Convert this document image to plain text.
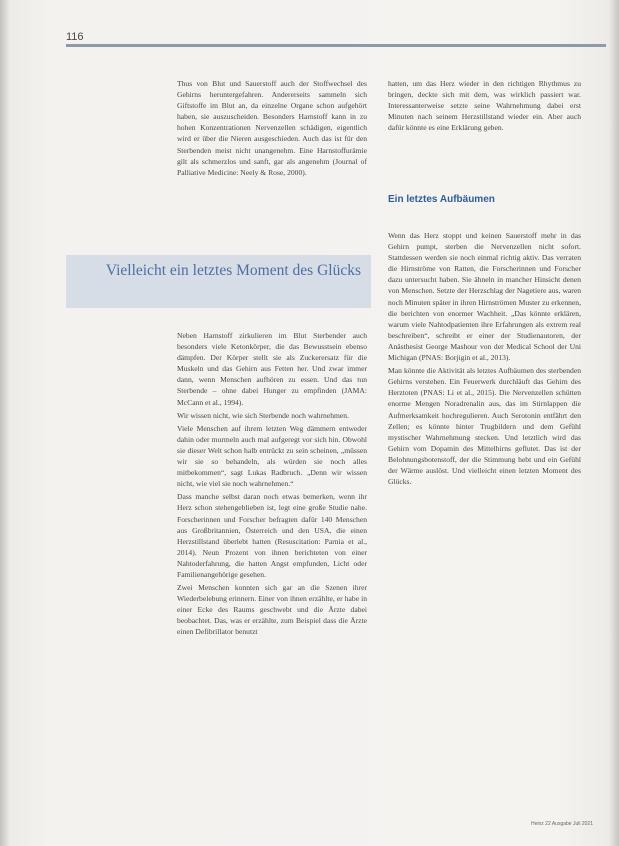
116

Thus von Blut und Sauerstoff auch der Stoffwechsel des Gehirns heruntergefahren. Andererseits sammeln sich Giftstoffe im Blut an, da einzelne Organe schon aufgehört haben, sie auszuscheiden. Besonders Harnstoff kann in zu hohen Konzentrationen Nervenzellen schädigen, eigentlich wird er über die Nieren ausgeschieden. Auch das ist für den Sterbenden meist nicht unangenehm. Eine Harnstoffurämie gilt als schmerzlos und sanft, gar als angenehm (Journal of Palliative Medicine: Neely & Rose, 2000).

Vielleicht ein letztes Moment des Glücks

Neben Harnstoff zirkulieren im Blut Sterbender auch besonders viele Ketonkörper, die das Bewusstsein ebenso dämpfen. Der Körper stellt sie als Zuckerersatz für die Muskeln und das Gehirn aus Fetten her. Und zwar immer dann, wenn Menschen aufhören zu essen. Und das tun Sterbende – ohne dabei Hunger zu empfinden (JAMA: McCann et al., 1994).

Wir wissen nicht, wie sich Sterbende noch wahrnehmen.

Viele Menschen auf ihrem letzten Weg dämmern entweder dahin oder murmeln auch mal aufgeregt vor sich hin. Obwohl sie dieser Welt schon halb entrückt zu sein scheinen, „müssen wir sie so behandeln, als würden sie noch alles mitbekommen“, sagt Lukas Radbruch. „Denn wir wissen nicht, wie viel sie noch wahrnehmen.“

Dass manche selbst daran noch etwas bemerken, wenn ihr Herz schon stehengeblieben ist, legt eine große Studie nahe. Forscherinnen und Forscher befragten dafür 140 Menschen aus Großbritannien, Österreich und den USA, die einen Herzstillstand überlebt hatten (Resuscitation: Parnia et al., 2014). Neun Prozent von ihnen berichteten von einer Nahtoderfahrung, die hatten Angst empfunden, Licht oder Familienangehörige gesehen.

Zwei Menschen konnten sich gar an die Szenen ihrer Wiederbelebung erinnern. Einer von ihnen erzählte, er habe in einer Ecke des Raums geschwebt und die Ärzte dabei beobachtet. Das, was er erzählte, zum Beispiel dass die Ärzte einen Defibrillator benutzt

hatten, um das Herz wieder in den richtigen Rhythmus zu bringen, deckte sich mit dem, was wirklich passiert war. Interessanterweise setzte seine Wahrnehmung dabei erst Minuten nach seinem Herzstillstand wieder ein. Aber auch dafür könnte es eine Erklärung geben.

Ein letztes Aufbäumen

Wenn das Herz stoppt und keinen Sauerstoff mehr in das Gehirn pumpt, sterben die Nervenzellen nicht sofort. Stattdessen werden sie noch einmal richtig aktiv. Das verraten die Hirnströme von Ratten, die Forscherinnen und Forscher dazu untersucht haben. Sie ähneln in mancher Hinsicht denen von Menschen. Setzte der Herzschlag der Nagetiere aus, waren noch Minuten später in ihren Hirnströmen Muster zu erkennen, die berichten von enormer Wachheit. „Das könnte erklären, warum viele Nahtodpatienten ihre Erfahrungen als extrem real beschreiben“, schreibt er einer der Studienautoren, der Anästhesist George Mashour von der Medical School der Uni Michigan (PNAS: Borjigin et al., 2013).

Man könnte die Aktivität als letztes Aufbäumen des sterbenden Gehirns verstehen. Ein Feuerwerk durchläuft das Gehirn des Herztoten (PNAS: Li et al., 2015). Die Nervenzellen schütten enorme Mengen Noradrenalin aus, das im Stirnlappen die Aufmerksamkeit hochregulieren. Auch Serotonin entfährt den Zellen; es könnte hinter Trugbildern und dem Gefühl mystischer Wahrnehmung stecken. Und letztlich wird das Gehirn vom Dopamin des Mittelhirns geflutet. Das ist der Belohnungsbotenstoff, der die Stimmung hebt und ein Gefühl der Wärme auslöst. Und vielleicht einen letzten Moment des Glücks.

Heinz 22 Ausgabe Juli 2021
